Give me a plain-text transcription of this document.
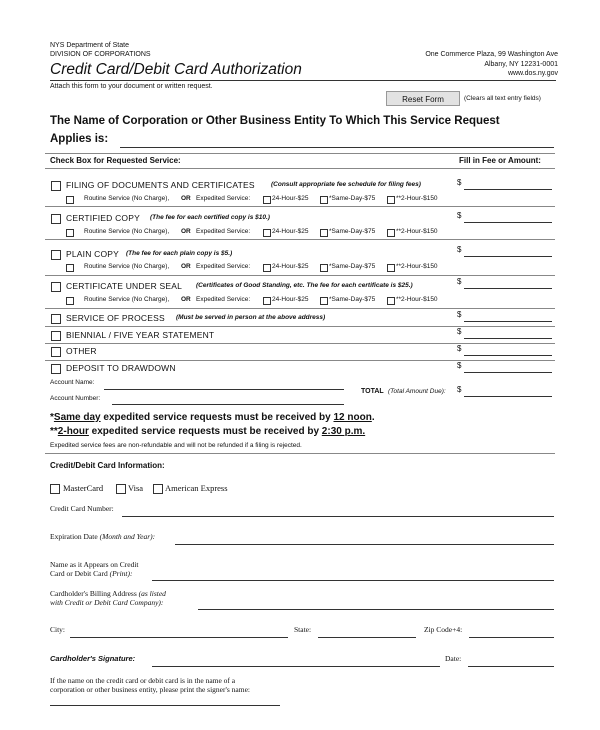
NYS Department of State
DIVISION OF CORPORATIONS
Credit Card/Debit Card Authorization
Attach this form to your document or written request.
One Commerce Plaza, 99 Washington Ave
Albany, NY 12231-0001
www.dos.ny.gov
Reset Form	(Clears all text entry fields)
The Name of Corporation or Other Business Entity To Which This Service Request
Applies is:
Check Box for Requested Service:	Fill in Fee or Amount:
FILING OF DOCUMENTS AND CERTIFICATES	(Consult appropriate fee schedule for filing fees)	$
Routine Service (No Charge), OR Expedited Service:	24-Hour-$25	*Same-Day-$75	**2-Hour-$150
CERTIFIED COPY (The fee for each certified copy is $10.)	$
Routine Service (No Charge), OR Expedited Service:	24-Hour-$25	*Same-Day-$75	**2-Hour-$150
PLAIN COPY (The fee for each plain copy is $5.)	$
Routine Service (No Charge), OR Expedited Service:	24-Hour-$25	*Same-Day-$75	**2-Hour-$150
CERTIFICATE UNDER SEAL (Certificates of Good Standing, etc. The fee for each certificate is $25.)	$
Routine Service (No Charge), OR Expedited Service:	24-Hour-$25	*Same-Day-$75	**2-Hour-$150
SERVICE OF PROCESS (Must be served in person at the above address)	$
BIENNIAL / FIVE YEAR STATEMENT	$
OTHER	$
DEPOSIT TO DRAWDOWN	$
Account Name:
Account Number:
TOTAL (Total Amount Due): $
*Same day expedited service requests must be received by 12 noon.
**2-hour expedited service requests must be received by 2:30 p.m.
Expedited service fees are non-refundable and will not be refunded if a filing is rejected.
Credit/Debit Card Information:
MasterCard	Visa	American Express
Credit Card Number:
Expiration Date (Month and Year):
Name as it Appears on Credit
Card or Debit Card (Print):
Cardholder's Billing Address (as listed
with Credit or Debit Card Company):
City:	State:	Zip Code+4:
Cardholder's Signature:	Date:
If the name on the credit card or debit card is in the name of a
corporation or other business entity, please print the signer's name:
